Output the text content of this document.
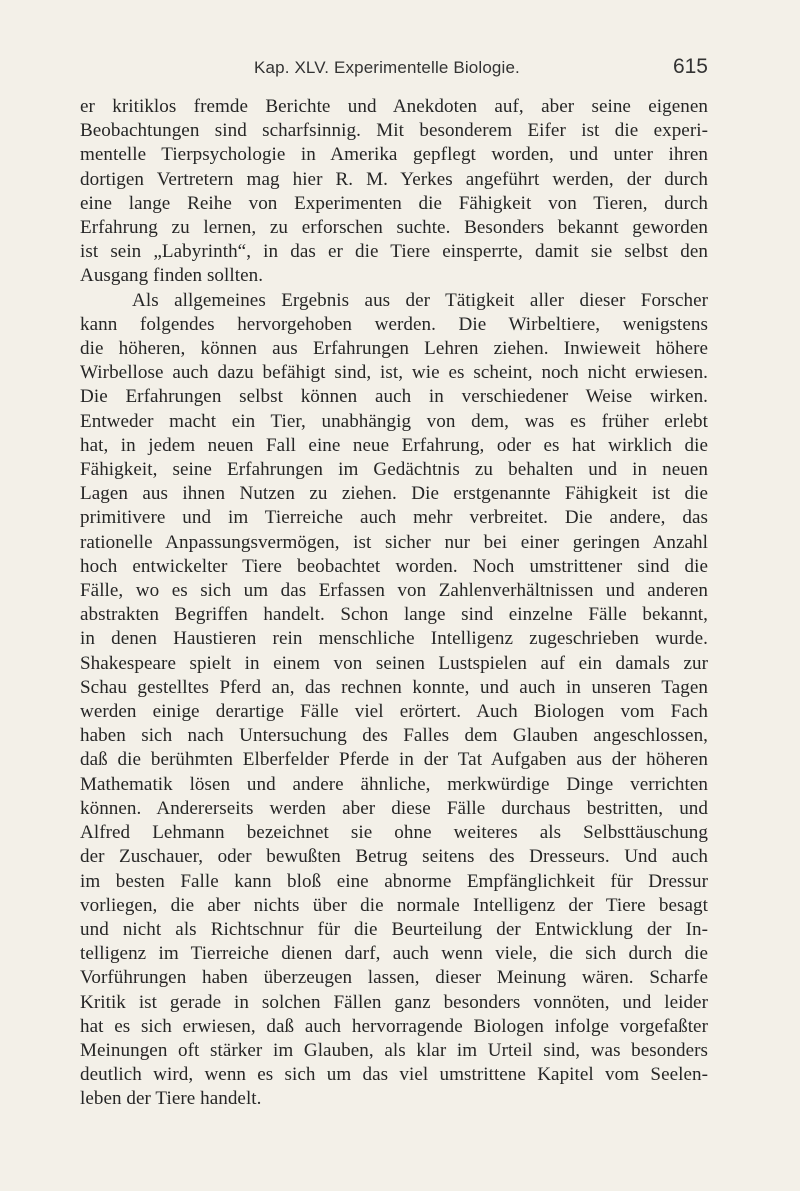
Kap. XLV. Experimentelle Biologie.	615

er kritiklos fremde Berichte und Anekdoten auf, aber seine eigenen
Beobachtungen sind scharfsinnig. Mit besonderem Eifer ist die experi-
mentelle Tierpsychologie in Amerika gepflegt worden, und unter ihren
dortigen Vertretern mag hier R. M. Yerkes angeführt werden, der durch
eine lange Reihe von Experimenten die Fähigkeit von Tieren, durch
Erfahrung zu lernen, zu erforschen suchte. Besonders bekannt geworden
ist sein „Labyrinth“, in das er die Tiere einsperrte, damit sie selbst den
Ausgang finden sollten.

Als allgemeines Ergebnis aus der Tätigkeit aller dieser Forscher
kann folgendes hervorgehoben werden. Die Wirbeltiere, wenigstens
die höheren, können aus Erfahrungen Lehren ziehen. Inwieweit höhere
Wirbellose auch dazu befähigt sind, ist, wie es scheint, noch nicht erwiesen.
Die Erfahrungen selbst können auch in verschiedener Weise wirken.
Entweder macht ein Tier, unabhängig von dem, was es früher erlebt
hat, in jedem neuen Fall eine neue Erfahrung, oder es hat wirklich die
Fähigkeit, seine Erfahrungen im Gedächtnis zu behalten und in neuen
Lagen aus ihnen Nutzen zu ziehen. Die erstgenannte Fähigkeit ist die
primitivere und im Tierreiche auch mehr verbreitet. Die andere, das
rationelle Anpassungsvermögen, ist sicher nur bei einer geringen Anzahl
hoch entwickelter Tiere beobachtet worden. Noch umstrittener sind die
Fälle, wo es sich um das Erfassen von Zahlenverhältnissen und anderen
abstrakten Begriffen handelt. Schon lange sind einzelne Fälle bekannt,
in denen Haustieren rein menschliche Intelligenz zugeschrieben wurde.
Shakespeare spielt in einem von seinen Lustspielen auf ein damals zur
Schau gestelltes Pferd an, das rechnen konnte, und auch in unseren Tagen
werden einige derartige Fälle viel erörtert. Auch Biologen vom Fach
haben sich nach Untersuchung des Falles dem Glauben angeschlossen,
daß die berühmten Elberfelder Pferde in der Tat Aufgaben aus der höheren
Mathematik lösen und andere ähnliche, merkwürdige Dinge verrichten
können. Andererseits werden aber diese Fälle durchaus bestritten, und
Alfred Lehmann bezeichnet sie ohne weiteres als Selbsttäuschung
der Zuschauer, oder bewußten Betrug seitens des Dresseurs. Und auch
im besten Falle kann bloß eine abnorme Empfänglichkeit für Dressur
vorliegen, die aber nichts über die normale Intelligenz der Tiere besagt
und nicht als Richtschnur für die Beurteilung der Entwicklung der In-
telligenz im Tierreiche dienen darf, auch wenn viele, die sich durch die
Vorführungen haben überzeugen lassen, dieser Meinung wären. Scharfe
Kritik ist gerade in solchen Fällen ganz besonders vonnöten, und leider
hat es sich erwiesen, daß auch hervorragende Biologen infolge vorgefaßter
Meinungen oft stärker im Glauben, als klar im Urteil sind, was besonders
deutlich wird, wenn es sich um das viel umstrittene Kapitel vom Seelen-
leben der Tiere handelt.
